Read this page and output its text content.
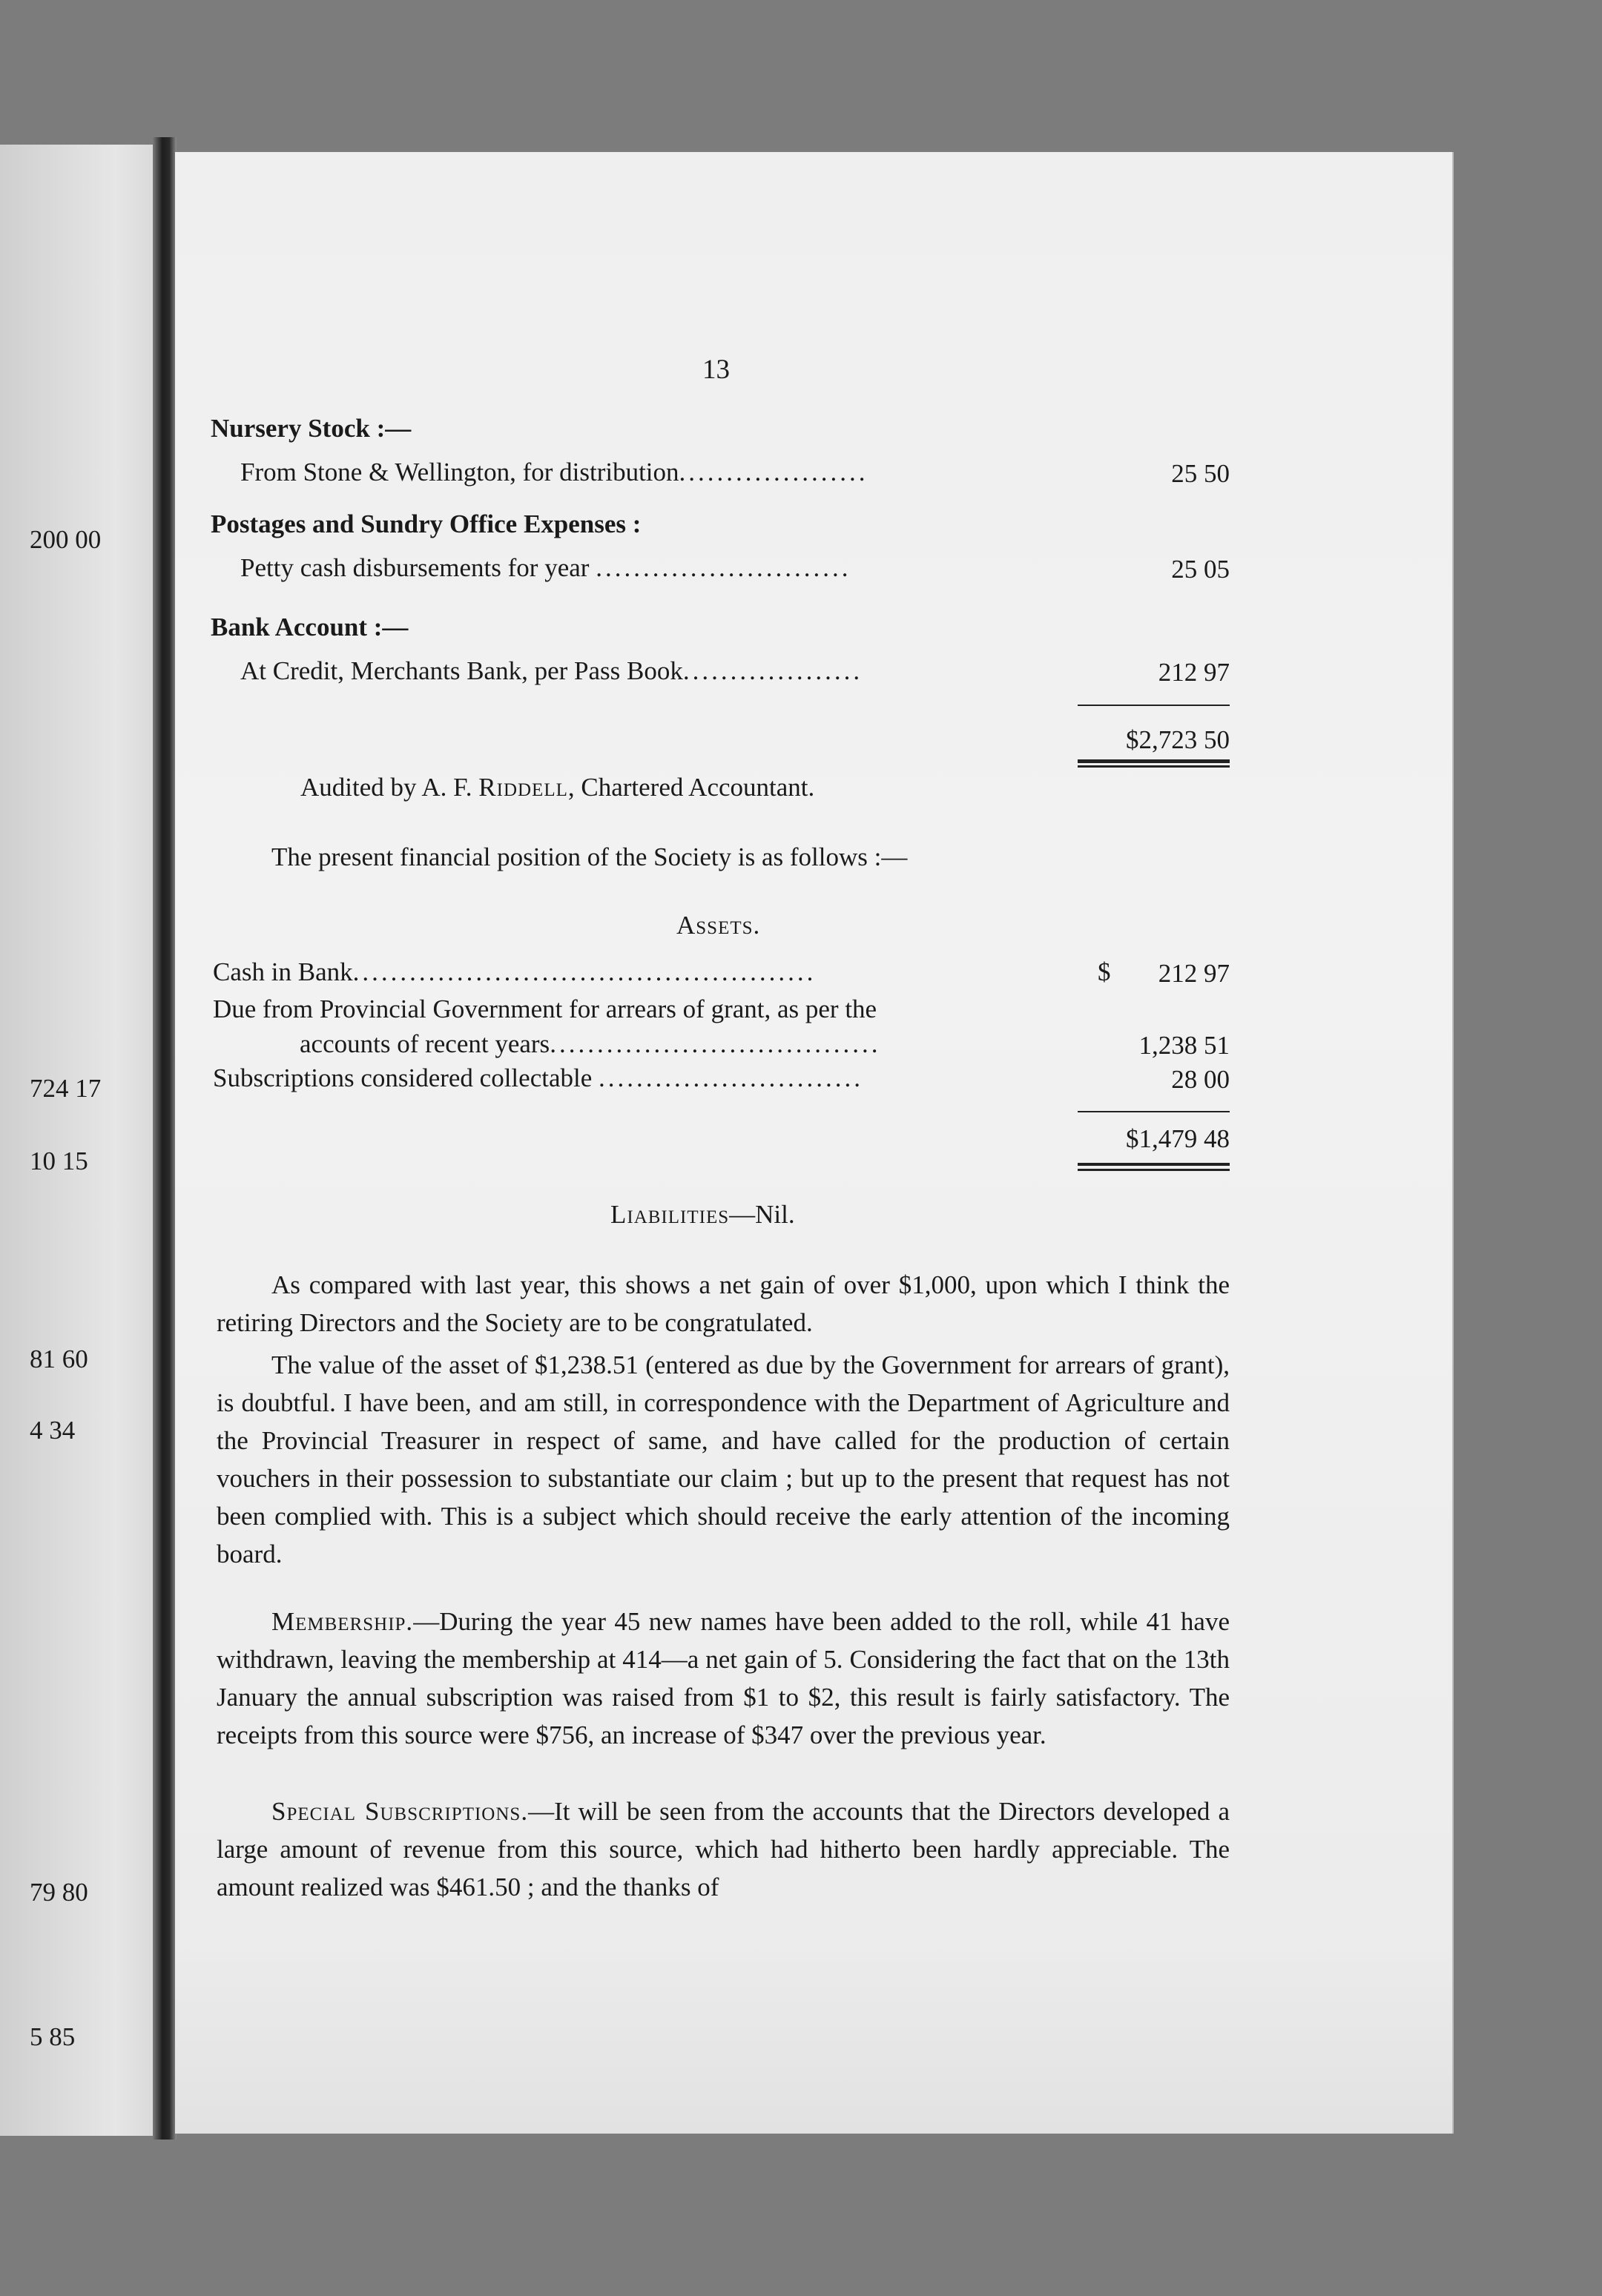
200 00
724 17
10 15
81 60
4 34
79 80
5 85
13
Nursery Stock :—
From Stone & Wellington, for distribution....................	25 50
Postages and Sundry Office Expenses :
Petty cash disbursements for year ...........................	25 05
Bank Account :—
At Credit, Merchants Bank, per Pass Book...................	212 97
$2,723 50
Audited by A. F. Riddell, Chartered Accountant.
The present financial position of the Society is as follows :—
Assets.
Cash in Bank.................................................	$	212 97
Due from Provincial Government for arrears of grant, as per the
accounts of recent years...................................	1,238 51
Subscriptions considered collectable ............................	28 00
$1,479 48
Liabilities—Nil.
As compared with last year, this shows a net gain of over $1,000, upon which I think the retiring Directors and the Society are to be congratulated.
The value of the asset of $1,238.51 (entered as due by the Government for arrears of grant), is doubtful. I have been, and am still, in correspondence with the Department of Agriculture and the Provincial Treasurer in respect of same, and have called for the production of certain vouchers in their possession to substantiate our claim ; but up to the present that request has not been complied with. This is a subject which should receive the early attention of the incoming board.
Membership.—During the year 45 new names have been added to the roll, while 41 have withdrawn, leaving the membership at 414—a net gain of 5. Considering the fact that on the 13th January the annual subscription was raised from $1 to $2, this result is fairly satisfactory. The receipts from this source were $756, an increase of $347 over the previous year.
Special Subscriptions.—It will be seen from the accounts that the Directors developed a large amount of revenue from this source, which had hitherto been hardly appreciable. The amount realized was $461.50 ; and the thanks of
